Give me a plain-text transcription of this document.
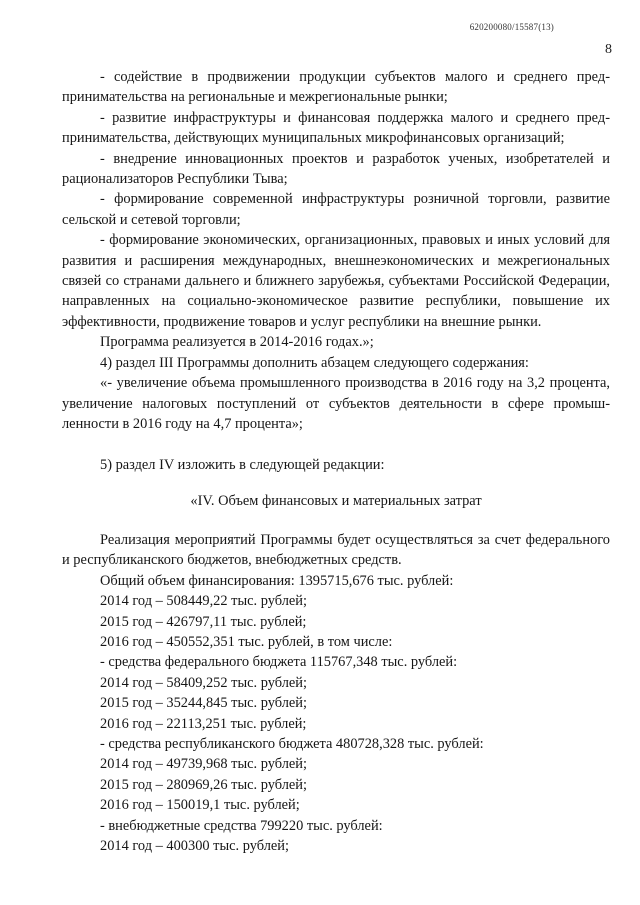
620200080/15587(13)
8

- содействие в продвижении продукции субъектов малого и среднего предпринимательства на региональные и межрегиональные рынки;

- развитие инфраструктуры и финансовая поддержка малого и среднего предпринимательства, действующих муниципальных микрофинансовых организаций;

- внедрение инновационных проектов и разработок ученых, изобретателей и рационализаторов Республики Тыва;

- формирование современной инфраструктуры розничной торговли, развитие сельской и сетевой торговли;

- формирование экономических, организационных, правовых и иных условий для развития и расширения международных, внешнеэкономических и межрегиональных связей со странами дальнего и ближнего зарубежья, субъектами Российской Федерации, направленных на социально-экономическое развитие республики, повышение их эффективности, продвижение товаров и услуг республики на внешние рынки.

Программа реализуется в 2014-2016 годах.»;

4) раздел III Программы дополнить абзацем следующего содержания:

«- увеличение объема промышленного производства в 2016 году на 3,2 процента, увеличение налоговых поступлений от субъектов деятельности в сфере промышленности в 2016 году на 4,7 процента»;

5) раздел IV изложить в следующей редакции:

«IV. Объем финансовых и материальных затрат

Реализация мероприятий Программы будет осуществляться за счет федерального и республиканского бюджетов, внебюджетных средств.

Общий объем финансирования: 1395715,676 тыс. рублей:

2014 год – 508449,22 тыс. рублей;

2015 год – 426797,11 тыс. рублей;

2016 год – 450552,351 тыс. рублей, в том числе:

- средства федерального бюджета 115767,348 тыс. рублей:

2014 год – 58409,252 тыс. рублей;

2015 год – 35244,845 тыс. рублей;

2016 год – 22113,251 тыс. рублей;

- средства республиканского бюджета 480728,328 тыс. рублей:

2014 год – 49739,968 тыс. рублей;

2015 год – 280969,26 тыс. рублей;

2016 год – 150019,1 тыс. рублей;

- внебюджетные средства 799220 тыс. рублей:

2014 год – 400300 тыс. рублей;
